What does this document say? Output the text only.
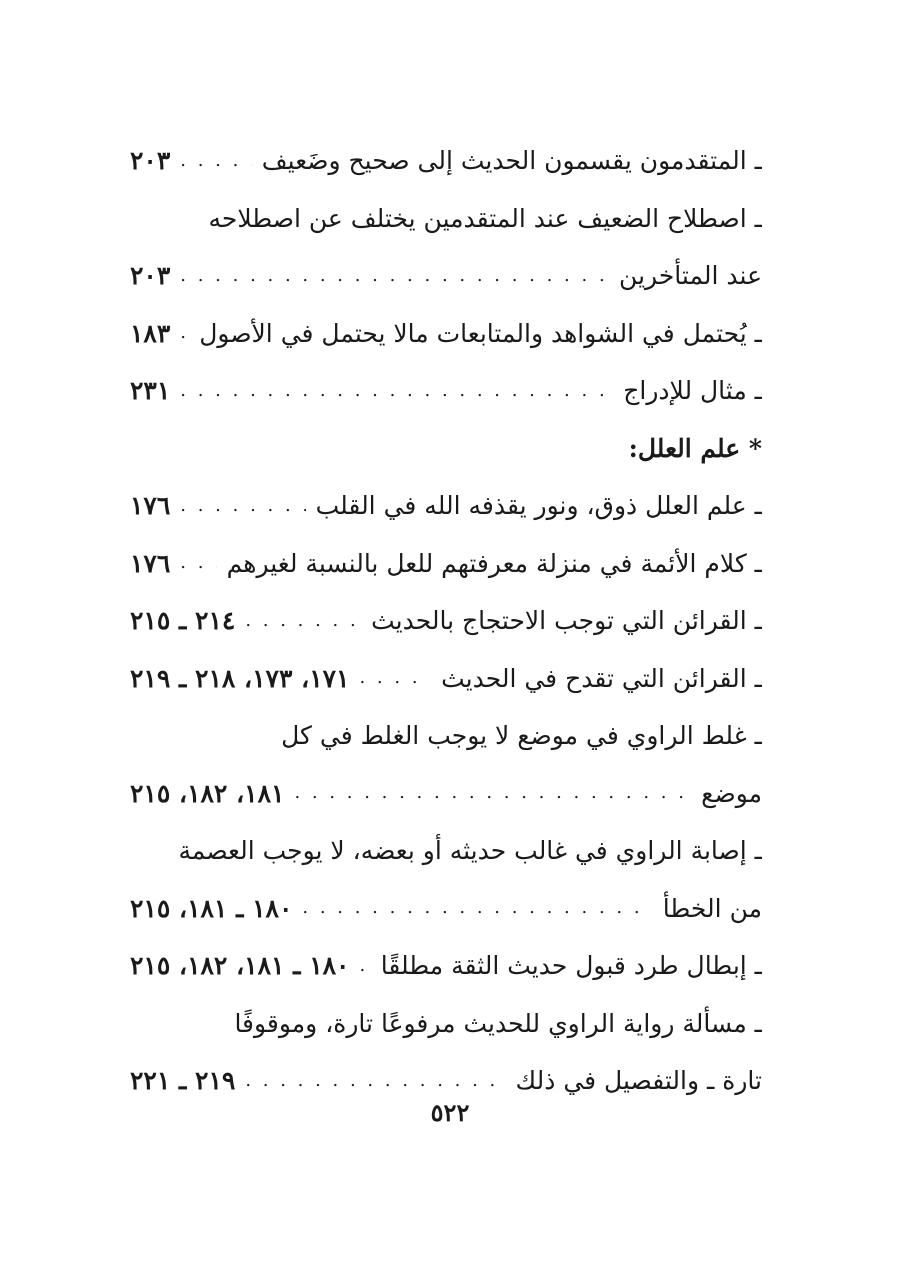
ـ المتقدمون يقسمون الحديث إلى صحيح وضَعيف
. . .
٢٠٣
ـ اصطلاح الضعيف عند المتقدمين يختلف عن اصطلاحه
عند المتأخرين
. . .
٢٠٣
ـ يُحتمل في الشواهد والمتابعات مالا يحتمل في الأصول
. . .
١٨٣
ـ مثال للإدراج
. . .
٢٣١
* علم العلل:
ـ علم العلل ذوق، ونور يقذفه الله في القلب
. . .
١٧٦
ـ كلام الأئمة في منزلة معرفتهم للعل بالنسبة لغيرهم
. . .
١٧٦
ـ القرائن التي توجب الاحتجاج بالحديث
. . .
٢١٤ ـ ٢١٥
ـ القرائن التي تقدح في الحديث
. . .
١٧١، ١٧٣، ٢١٨ ـ ٢١٩
ـ غلط الراوي في موضع لا يوجب الغلط في كل
موضع
. . .
١٨١، ١٨٢، ٢١٥
ـ إصابة الراوي في غالب حديثه أو بعضه، لا يوجب العصمة
من الخطأ
. . .
١٨٠ ـ ١٨١، ٢١٥
ـ إبطال طرد قبول حديث الثقة مطلقًا
. . .
١٨٠ ـ ١٨١، ١٨٢، ٢١٥
ـ مسألة رواية الراوي للحديث مرفوعًا تارة، وموقوفًا
تارة ـ والتفصيل في ذلك
. . .
٢١٩ ـ ٢٢١
٥٢٢
